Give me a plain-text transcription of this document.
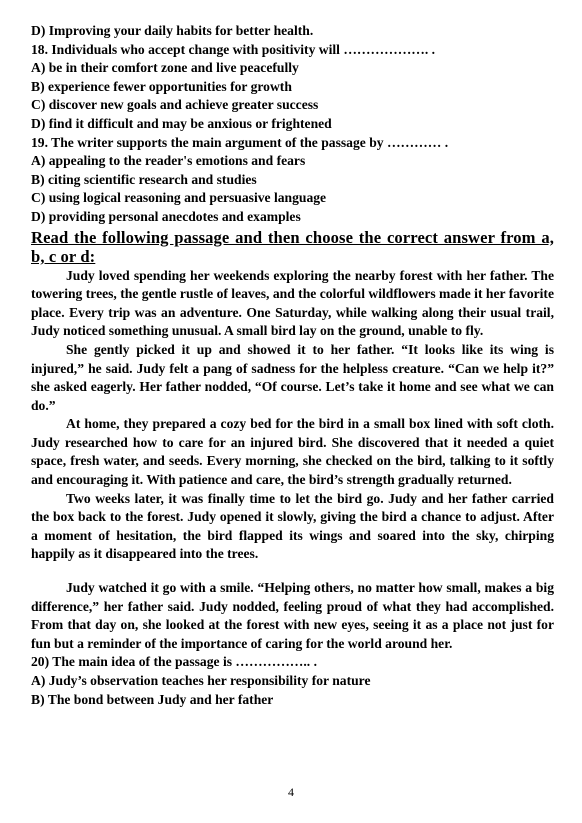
D) Improving your daily habits for better health.
18. Individuals who accept change with positivity will ………………. .
A) be in their comfort zone and live peacefully
B) experience fewer opportunities for growth
C) discover new goals and achieve greater success
D) find it difficult and may be anxious or frightened
19. The writer supports the main argument of the passage by ………… .
A) appealing to the reader's emotions and fears
B) citing scientific research and studies
C) using logical reasoning and persuasive language
D) providing personal anecdotes and examples
Read the following passage and then choose the correct answer from a, b, c or d:

Judy loved spending her weekends exploring the nearby forest with her father. The towering trees, the gentle rustle of leaves, and the colorful wildflowers made it her favorite place. Every trip was an adventure. One Saturday, while walking along their usual trail, Judy noticed something unusual. A small bird lay on the ground, unable to fly.

She gently picked it up and showed it to her father. “It looks like its wing is injured,” he said. Judy felt a pang of sadness for the helpless creature. “Can we help it?” she asked eagerly. Her father nodded, “Of course. Let’s take it home and see what we can do.”

At home, they prepared a cozy bed for the bird in a small box lined with soft cloth. Judy researched how to care for an injured bird. She discovered that it needed a quiet space, fresh water, and seeds. Every morning, she checked on the bird, talking to it softly and encouraging it. With patience and care, the bird’s strength gradually returned.

Two weeks later, it was finally time to let the bird go. Judy and her father carried the box back to the forest. Judy opened it slowly, giving the bird a chance to adjust. After a moment of hesitation, the bird flapped its wings and soared into the sky, chirping happily as it disappeared into the trees.

Judy watched it go with a smile. “Helping others, no matter how small, makes a big difference,” her father said. Judy nodded, feeling proud of what they had accomplished. From that day on, she looked at the forest with new eyes, seeing it as a place not just for fun but a reminder of the importance of caring for the world around her.

20) The main idea of the passage is …………….. .
A) Judy’s observation teaches her responsibility for nature
B) The bond between Judy and her father
4
